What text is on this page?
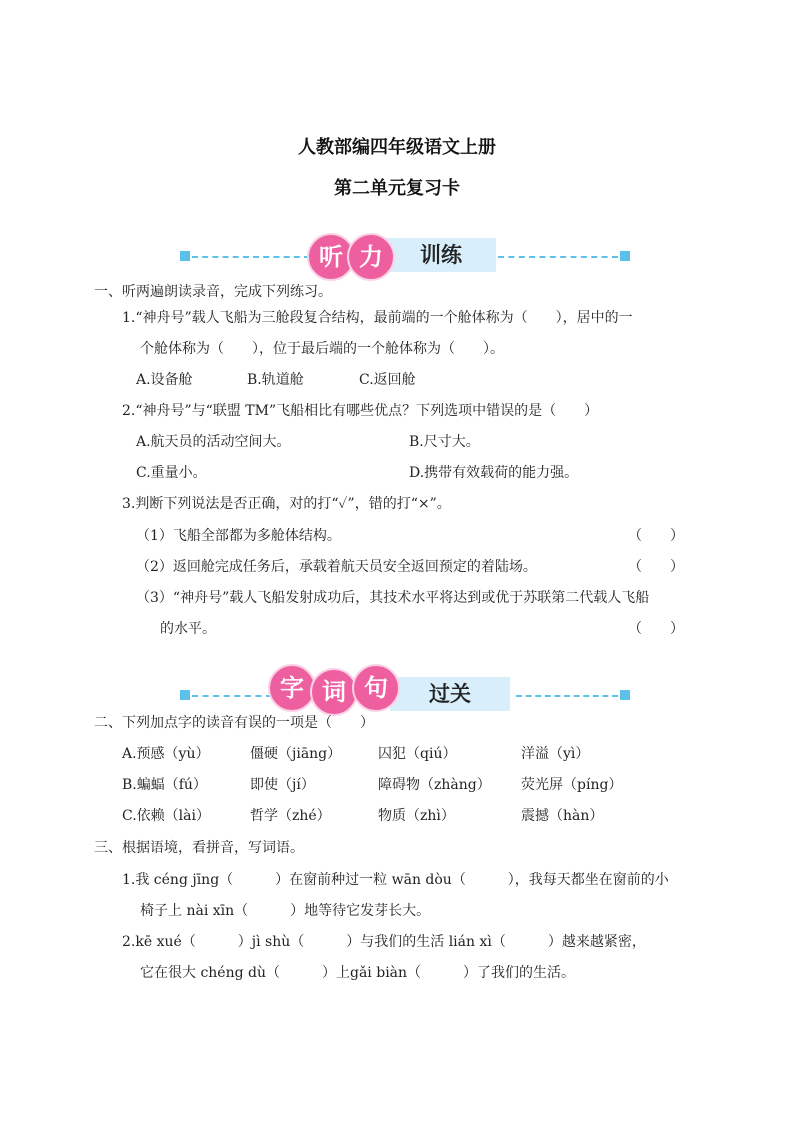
人教部编四年级语文上册
第二单元复习卡
训练
听 力
一、听两遍朗读录音，完成下列练习。
1.“神舟号”载人飞船为三舱段复合结构，最前端的一个舱体称为（　　），居中的一
个舱体称为（　　），位于最后端的一个舱体称为（　　）。
A.设备舱	B.轨道舱	C.返回舱
2.“神舟号”与“联盟 TM”飞船相比有哪些优点？下列选项中错误的是（　　）
A.航天员的活动空间大。	B.尺寸大。
C.重量小。	D.携带有效载荷的能力强。
3.判断下列说法是否正确，对的打“✓”，错的打“×”。
（1）飞船全部都为多舱体结构。	（　　）
（2）返回舱完成任务后，承载着航天员安全返回预定的着陆场。	（　　）
（3）“神舟号”载人飞船发射成功后，其技术水平将达到或优于苏联第二代载人飞船
的水平。	（　　）
过关
字 词 句
二、下列加点字的读音有误的一项是（　　）
A.预感（yù）	僵硬（jiāng）	囚犯（qiú）	洋溢（yì）
B.蝙蝠（fú）	即使（jí）	障碍物（zhàng） 荧光屏（píng）
C.依赖（lài）	哲学（zhé）	物质（zhì）	震撼（hàn）
三、根据语境，看拼音，写词语。
1.我 céng jīng（　　　）在窗前种过一粒 wān dòu（　　　），我每天都坐在窗前的小
椅子上 nài xīn（　　　）地等待它发芽长大。
2.kē xué（　　　）jì shù（　　　）与我们的生活 lián xì（　　　）越来越紧密，
它在很大 chéng dù（　　　）上gǎi biàn（　　　）了我们的生活。
